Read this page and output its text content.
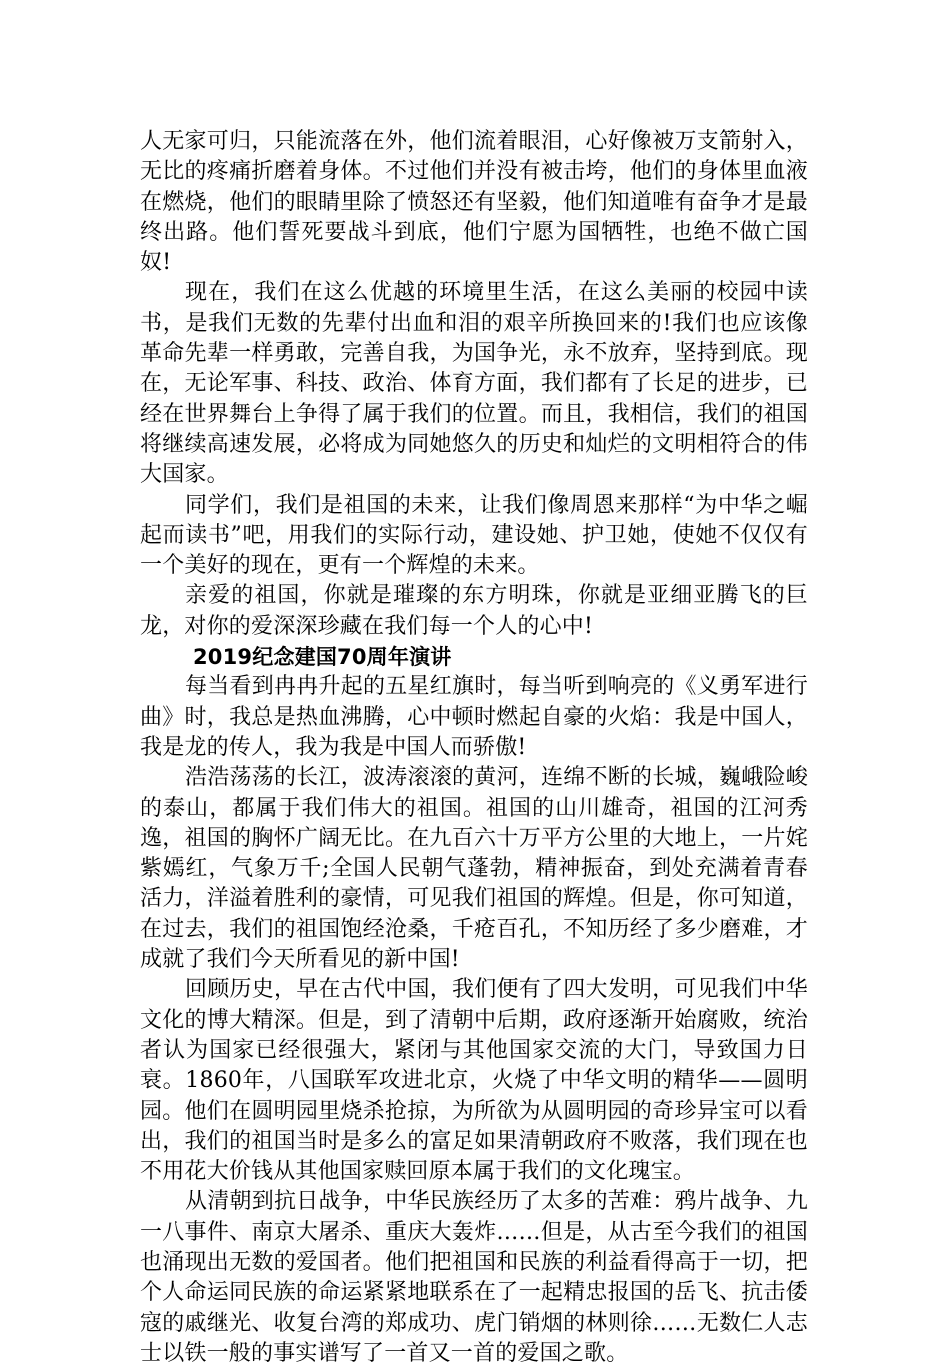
人无家可归，只能流落在外，他们流着眼泪，心好像被万支箭射入，无比的疼痛折磨着身体。不过他们并没有被击垮，他们的身体里血液在燃烧，他们的眼睛里除了愤怒还有坚毅，他们知道唯有奋争才是最终出路。他们誓死要战斗到底，他们宁愿为国牺牲，也绝不做亡国奴!

现在，我们在这么优越的环境里生活，在这么美丽的校园中读书，是我们无数的先辈付出血和泪的艰辛所换回来的!我们也应该像革命先辈一样勇敢，完善自我，为国争光，永不放弃，坚持到底。现在，无论军事、科技、政治、体育方面，我们都有了长足的进步，已经在世界舞台上争得了属于我们的位置。而且，我相信，我们的祖国将继续高速发展，必将成为同她悠久的历史和灿烂的文明相符合的伟大国家。

同学们，我们是祖国的未来，让我们像周恩来那样“为中华之崛起而读书”吧，用我们的实际行动，建设她、护卫她，使她不仅仅有一个美好的现在，更有一个辉煌的未来。

亲爱的祖国，你就是璀璨的东方明珠，你就是亚细亚腾飞的巨龙，对你的爱深深珍藏在我们每一个人的心中!

2019纪念建国70周年演讲

每当看到冉冉升起的五星红旗时，每当听到响亮的《义勇军进行曲》时，我总是热血沸腾，心中顿时燃起自豪的火焰：我是中国人，我是龙的传人，我为我是中国人而骄傲!

浩浩荡荡的长江，波涛滚滚的黄河，连绵不断的长城，巍峨险峻的泰山，都属于我们伟大的祖国。祖国的山川雄奇，祖国的江河秀逸，祖国的胸怀广阔无比。在九百六十万平方公里的大地上，一片姹紫嫣红，气象万千;全国人民朝气蓬勃，精神振奋，到处充满着青春活力，洋溢着胜利的豪情，可见我们祖国的辉煌。但是，你可知道，在过去，我们的祖国饱经沧桑，千疮百孔，不知历经了多少磨难，才成就了我们今天所看见的新中国!

回顾历史，早在古代中国，我们便有了四大发明，可见我们中华文化的博大精深。但是，到了清朝中后期，政府逐渐开始腐败，统治者认为国家已经很强大，紧闭与其他国家交流的大门，导致国力日衰。1860年，八国联军攻进北京，火烧了中华文明的精华——圆明园。他们在圆明园里烧杀抢掠，为所欲为从圆明园的奇珍异宝可以看出，我们的祖国当时是多么的富足如果清朝政府不败落，我们现在也不用花大价钱从其他国家赎回原本属于我们的文化瑰宝。

从清朝到抗日战争，中华民族经历了太多的苦难：鸦片战争、九一八事件、南京大屠杀、重庆大轰炸……但是，从古至今我们的祖国也涌现出无数的爱国者。他们把祖国和民族的利益看得高于一切，把个人命运同民族的命运紧紧地联系在了一起精忠报国的岳飞、抗击倭寇的戚继光、收复台湾的郑成功、虎门销烟的林则徐……无数仁人志士以铁一般的事实谱写了一首又一首的爱国之歌。
